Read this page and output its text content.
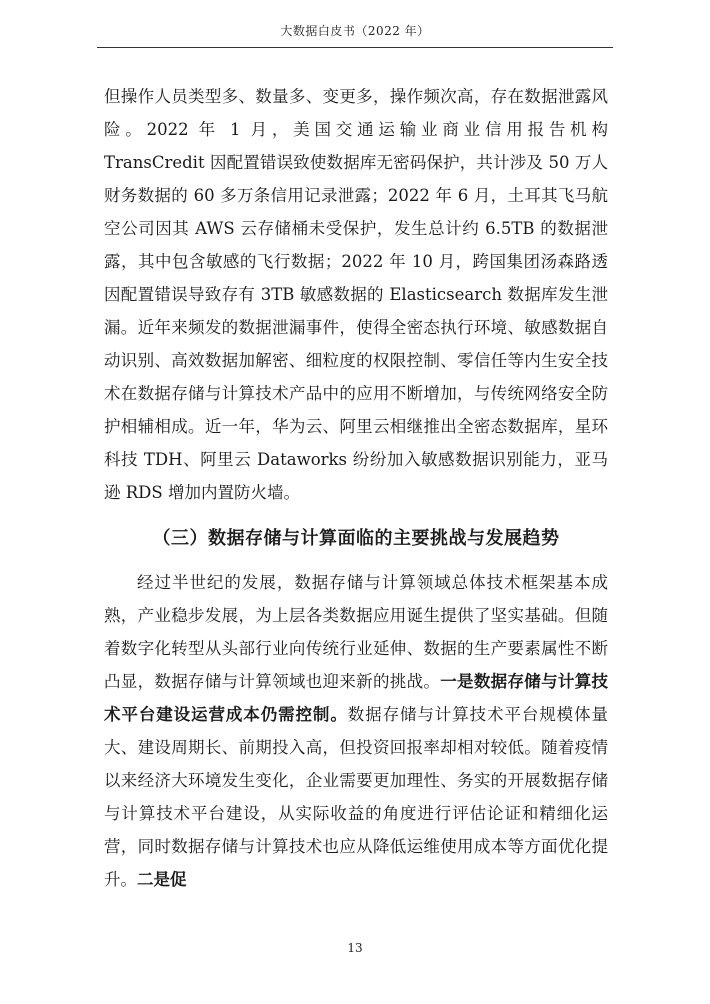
大数据白皮书（2022 年）

但操作人员类型多、数量多、变更多，操作频次高，存在数据泄露风险。2022 年 1 月，美国交通运输业商业信用报告机构 TransCredit 因配置错误致使数据库无密码保护，共计涉及 50 万人财务数据的 60 多万条信用记录泄露；2022 年 6 月，土耳其飞马航空公司因其 AWS 云存储桶未受保护，发生总计约 6.5TB 的数据泄露，其中包含敏感的飞行数据；2022 年 10 月，跨国集团汤森路透因配置错误导致存有 3TB 敏感数据的 Elasticsearch 数据库发生泄漏。近年来频发的数据泄漏事件，使得全密态执行环境、敏感数据自动识别、高效数据加解密、细粒度的权限控制、零信任等内生安全技术在数据存储与计算技术产品中的应用不断增加，与传统网络安全防护相辅相成。近一年，华为云、阿里云相继推出全密态数据库，星环科技 TDH、阿里云 Dataworks 纷纷加入敏感数据识别能力，亚马逊 RDS 增加内置防火墙。

（三）数据存储与计算面临的主要挑战与发展趋势

经过半世纪的发展，数据存储与计算领域总体技术框架基本成熟，产业稳步发展，为上层各类数据应用诞生提供了坚实基础。但随着数字化转型从头部行业向传统行业延伸、数据的生产要素属性不断凸显，数据存储与计算领域也迎来新的挑战。一是数据存储与计算技术平台建设运营成本仍需控制。数据存储与计算技术平台规模体量大、建设周期长、前期投入高，但投资回报率却相对较低。随着疫情以来经济大环境发生变化，企业需要更加理性、务实的开展数据存储与计算技术平台建设，从实际收益的角度进行评估论证和精细化运营，同时数据存储与计算技术也应从降低运维使用成本等方面优化提升。二是促

13
